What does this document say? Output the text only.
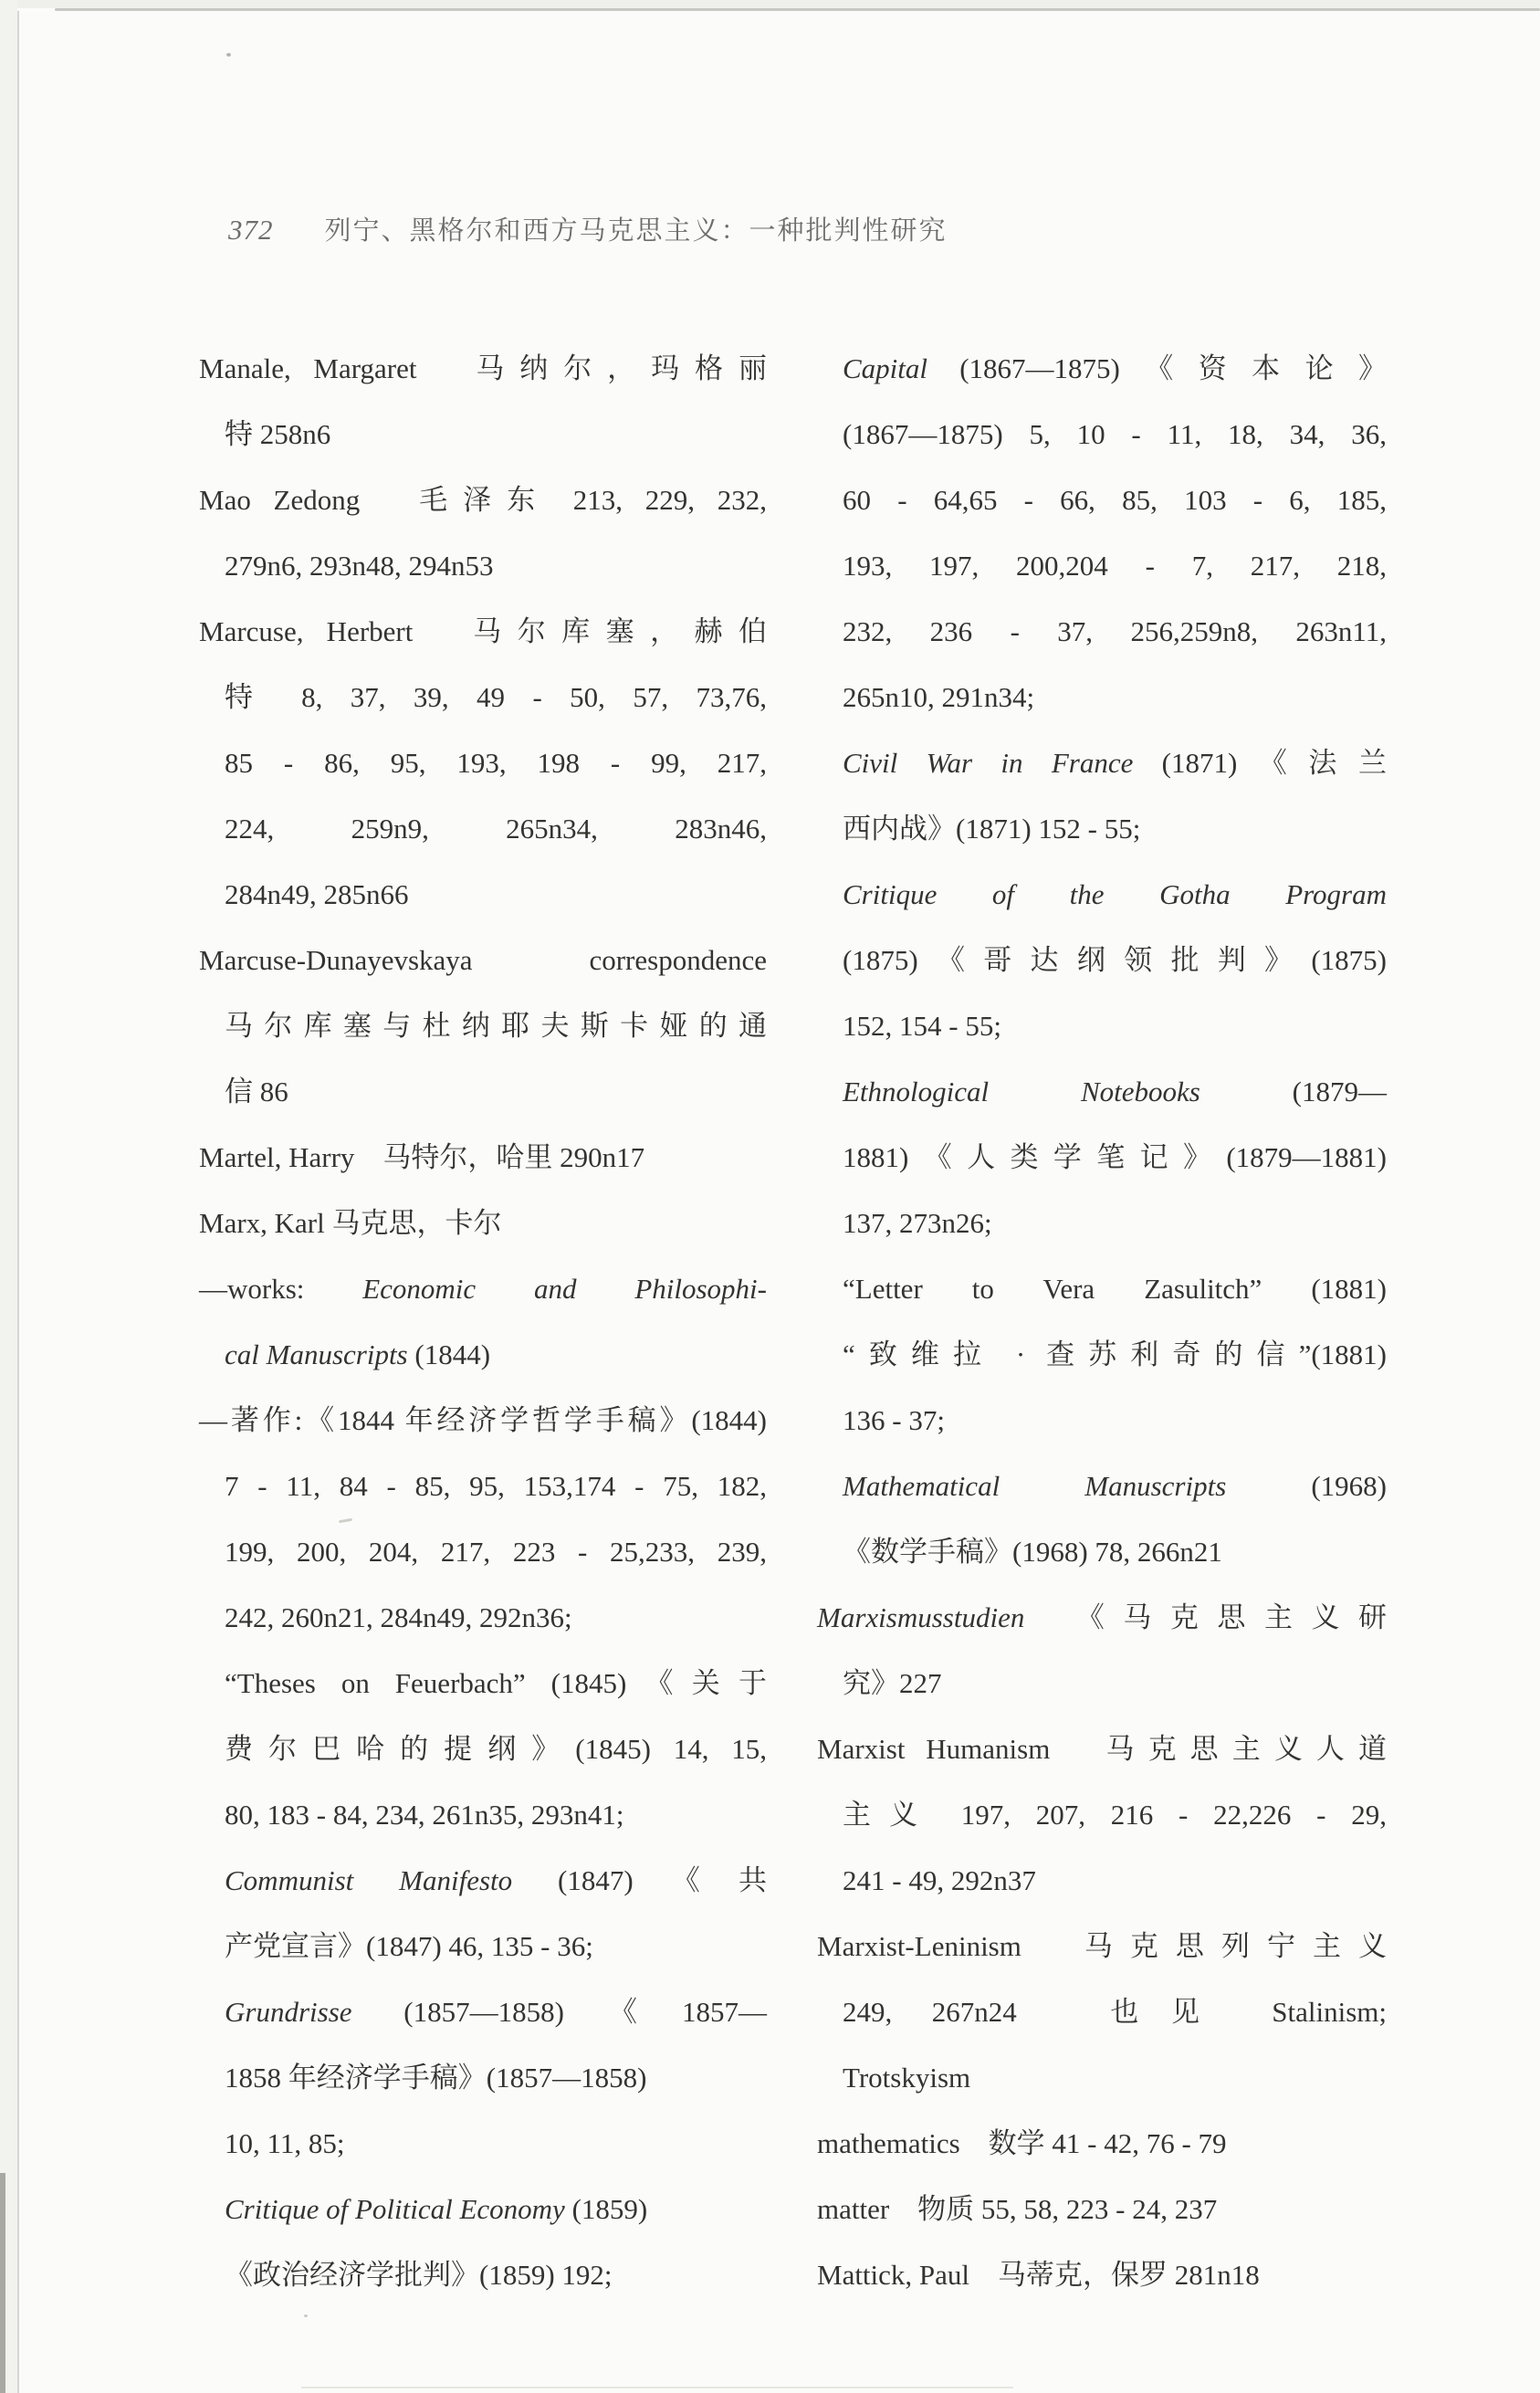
372 列宁、黑格尔和西方马克思主义：一种批判性研究
Manale, Margaret　马纳尔，玛格丽
特 258n6
Mao Zedong　毛泽东 213, 229, 232,
279n6, 293n48, 294n53
Marcuse, Herbert　马尔库塞，赫伯
特 8, 37, 39, 49 - 50, 57, 73,76,
85 - 86, 95, 193, 198 - 99, 217,
224, 259n9, 265n34, 283n46,
284n49, 285n66
Marcuse-Dunayevskaya correspondence
马尔库塞与杜纳耶夫斯卡娅的通
信 86
Martel, Harry　马特尔，哈里 290n17
Marx, Karl 马克思，卡尔
—works: Economic and Philosophi-
cal Manuscripts (1844)
—著作:《1844 年经济学哲学手稿》(1844)
7 - 11, 84 - 85, 95, 153,174 - 75, 182,
199, 200, 204, 217, 223 - 25,233, 239,
242, 260n21, 284n49, 292n36;
“Theses on Feuerbach” (1845)《关于
费尔巴哈的提纲》(1845) 14, 15,
80, 183 - 84, 234, 261n35, 293n41;
Communist Manifesto (1847)《共
产党宣言》(1847) 46, 135 - 36;
Grundrisse (1857—1858)《1857—
1858 年经济学手稿》(1857—1858)
10, 11, 85;
Critique of Political Economy (1859)
《政治经济学批判》(1859) 192;
Capital (1867—1875)《资本论》
(1867—1875) 5, 10 - 11, 18, 34, 36,
60 - 64,65 - 66, 85, 103 - 6, 185,
193, 197, 200,204 - 7, 217, 218,
232, 236 - 37, 256,259n8, 263n11,
265n10, 291n34;
Civil War in France (1871)《法兰
西内战》(1871) 152 - 55;
Critique of the Gotha Program
(1875)《哥达纲领批判》(1875)
152, 154 - 55;
Ethnological Notebooks (1879—
1881)《人类学笔记》(1879—1881)
137, 273n26;
“Letter to Vera Zasulitch” (1881)
“致维拉 · 查苏利奇的信”(1881)
136 - 37;
Mathematical Manuscripts (1968)
《数学手稿》(1968) 78, 266n21
Marxismusstudien　《马克思主义研
究》227
Marxist Humanism　马克思主义人道
主义 197, 207, 216 - 22,226 - 29,
241 - 49, 292n37
Marxist-Leninism　马克思列宁主义
249, 267n24　也见 Stalinism;
Trotskyism
mathematics　数学 41 - 42, 76 - 79
matter　物质 55, 58, 223 - 24, 237
Mattick, Paul　马蒂克，保罗 281n18
